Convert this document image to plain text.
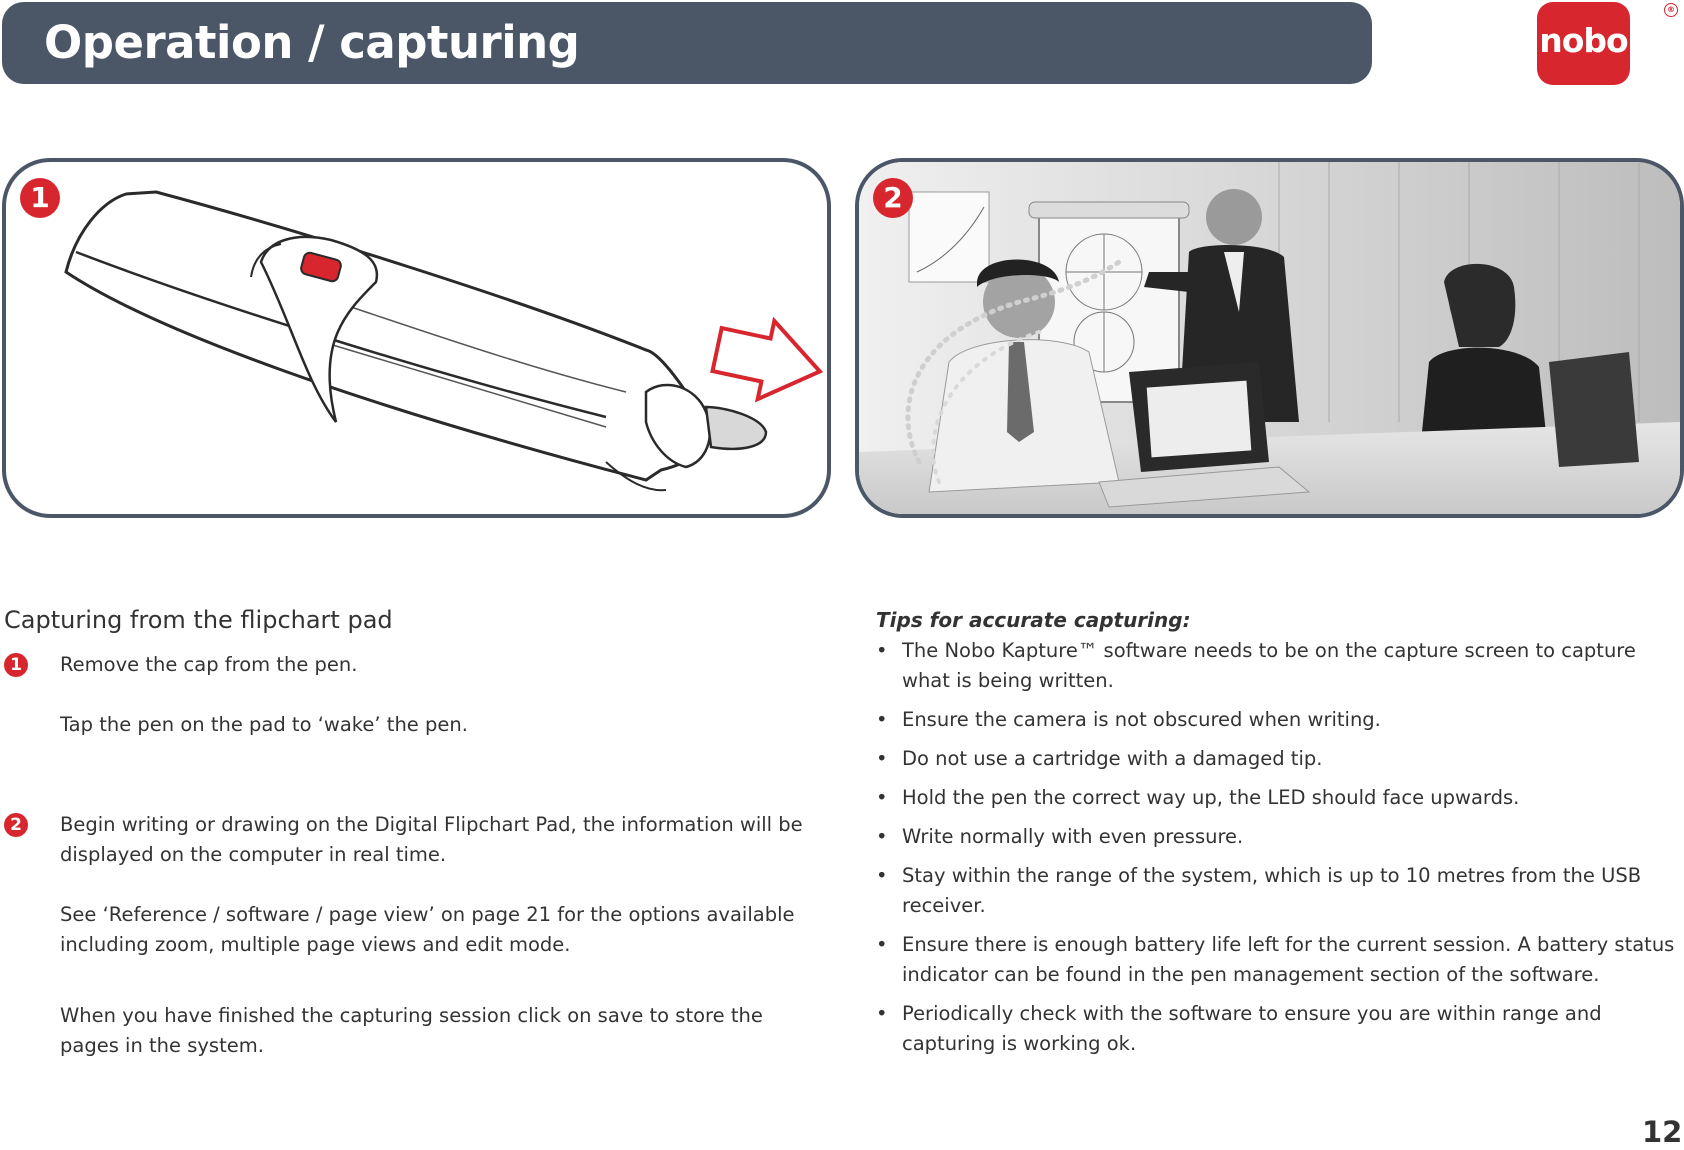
Operation / capturing	nobo
®
1	2
Capturing from the flipchart pad
1	Remove the cap from the pen.

Tap the pen on the pad to ‘wake’ the pen.

2	Begin writing or drawing on the Digital Flipchart Pad, the information will be displayed on the computer in real time.

See ‘Reference / software / page view’ on page 21 for the options available including zoom, multiple page views and edit mode.

When you have finished the capturing session click on save to store the pages in the system.

Tips for accurate capturing:
• The Nobo Kapture™ software needs to be on the capture screen to capture what is being written.
• Ensure the camera is not obscured when writing.
• Do not use a cartridge with a damaged tip.
• Hold the pen the correct way up, the LED should face upwards.
• Write normally with even pressure.
• Stay within the range of the system, which is up to 10 metres from the USB receiver.
• Ensure there is enough battery life left for the current session. A battery status indicator can be found in the pen management section of the software.
• Periodically check with the software to ensure you are within range and capturing is working ok.
12
